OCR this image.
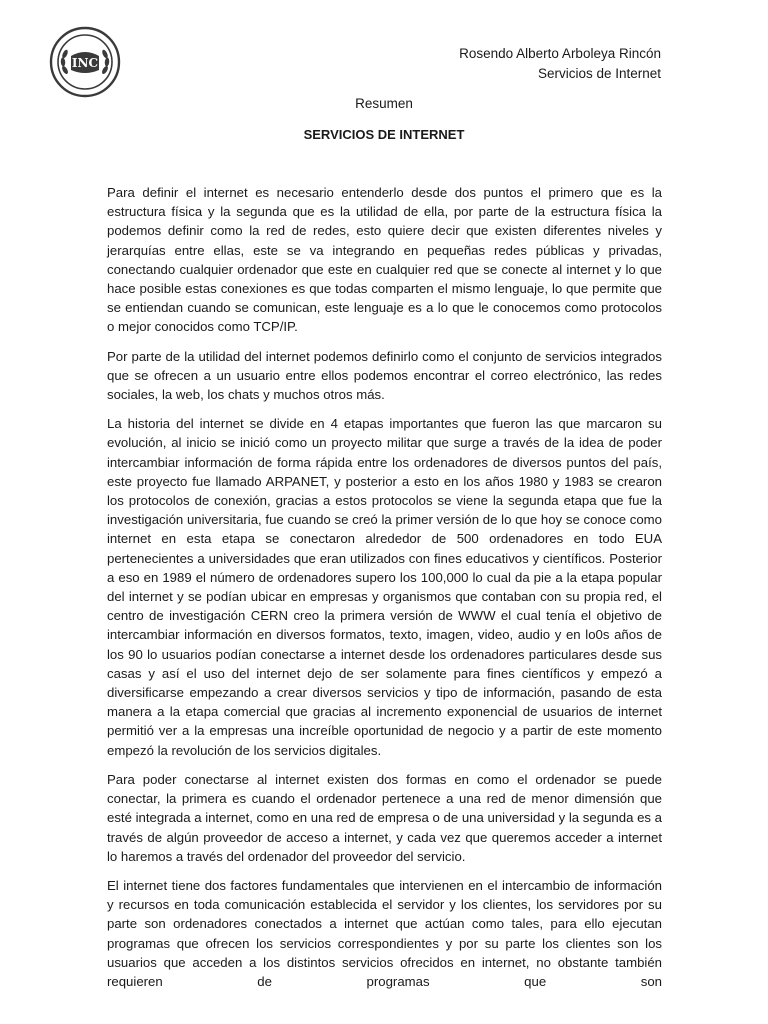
INC
Rosendo Alberto Arboleya Rincón
Servicios de Internet
Resumen
SERVICIOS DE INTERNET

Para definir el internet es necesario entenderlo desde dos puntos el primero que es la estructura física y la segunda que es la utilidad de ella, por parte de la estructura física la podemos definir como la red de redes, esto quiere decir que existen diferentes niveles y jerarquías entre ellas, este se va integrando en pequeñas redes públicas y privadas, conectando cualquier ordenador que este en cualquier red que se conecte al internet y lo que hace posible estas conexiones es que todas comparten el mismo lenguaje, lo que permite que se entiendan cuando se comunican, este lenguaje es a lo que le conocemos como protocolos o mejor conocidos como TCP/IP.

Por parte de la utilidad del internet podemos definirlo como el conjunto de servicios integrados que se ofrecen a un usuario entre ellos podemos encontrar el correo electrónico, las redes sociales, la web, los chats y muchos otros más.

La historia del internet se divide en 4 etapas importantes que fueron las que marcaron su evolución, al inicio se inició como un proyecto militar que surge a través de la idea de poder intercambiar información de forma rápida entre los ordenadores de diversos puntos del país, este proyecto fue llamado ARPANET, y posterior a esto en los años 1980 y 1983 se crearon los protocolos de conexión, gracias a estos protocolos se viene la segunda etapa que fue la investigación universitaria, fue cuando se creó la primer versión de lo que hoy se conoce como internet en esta etapa se conectaron alrededor de 500 ordenadores en todo EUA pertenecientes a universidades que eran utilizados con fines educativos y científicos. Posterior a eso en 1989 el número de ordenadores supero los 100,000 lo cual da pie a la etapa popular del internet y se podían ubicar en empresas y organismos que contaban con su propia red, el centro de investigación CERN creo la primera versión de WWW el cual tenía el objetivo de intercambiar información en diversos formatos, texto, imagen, video, audio y en lo0s años de los 90 lo usuarios podían conectarse a internet desde los ordenadores particulares desde sus casas y así el uso del internet dejo de ser solamente para fines científicos y empezó a diversificarse empezando a crear diversos servicios y tipo de información, pasando de esta manera a la etapa comercial que gracias al incremento exponencial de usuarios de internet permitió ver a la empresas una increíble oportunidad de negocio y a partir de este momento empezó la revolución de los servicios digitales.

Para poder conectarse al internet existen dos formas en como el ordenador se puede conectar, la primera es cuando el ordenador pertenece a una red de menor dimensión que esté integrada a internet, como en una red de empresa o de una universidad y la segunda es a través de algún proveedor de acceso a internet, y cada vez que queremos acceder a internet lo haremos a través del ordenador del proveedor del servicio.

El internet tiene dos factores fundamentales que intervienen en el intercambio de información y recursos en toda comunicación establecida el servidor y los clientes, los servidores por su parte son ordenadores conectados a internet que actúan como tales, para ello ejecutan programas que ofrecen los servicios correspondientes y por su parte los clientes son los usuarios que acceden a los distintos servicios ofrecidos en internet, no obstante también requieren de programas que son
